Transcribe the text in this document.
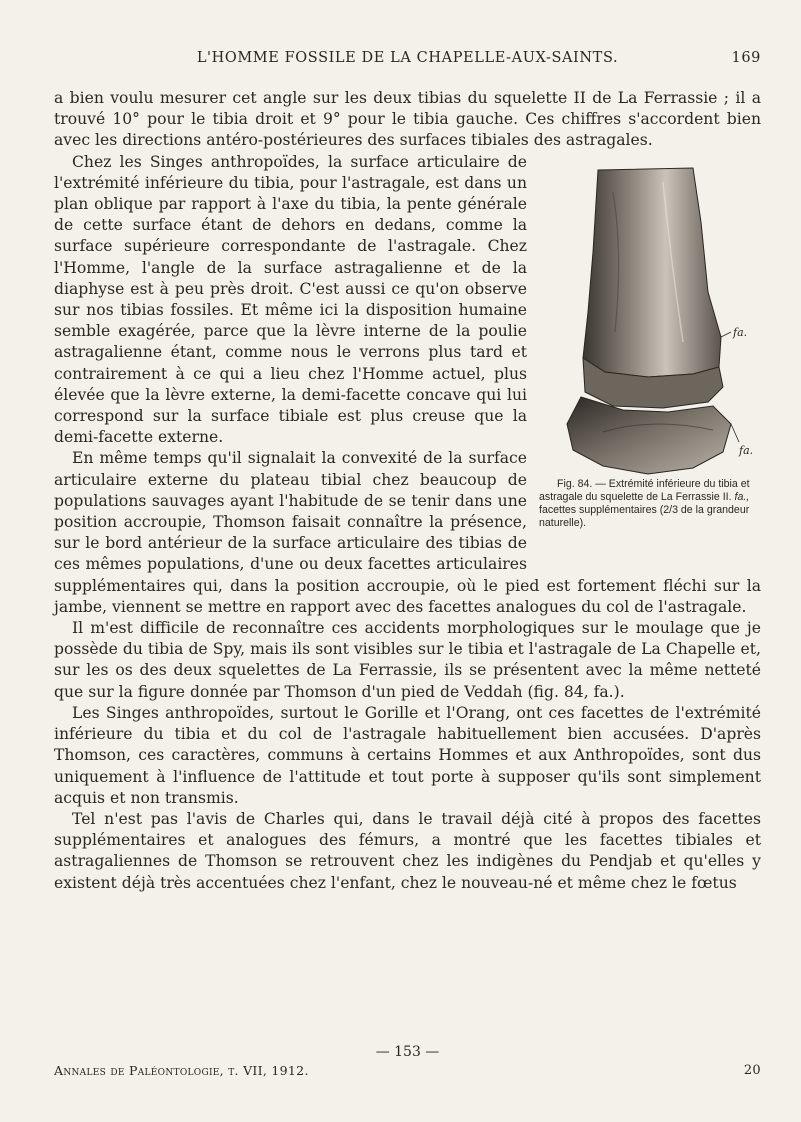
L'HOMME FOSSILE DE LA CHAPELLE-AUX-SAINTS.	169

a bien voulu mesurer cet angle sur les deux tibias du squelette II de La Ferrassie ; il a trouvé 10° pour le tibia droit et 9° pour le tibia gauche. Ces chiffres s'accordent bien avec les directions antéro-postérieures des surfaces tibiales des astragales.

fa.
fa.
Fig. 84. — Extrémité inférieure du tibia et astragale du squelette de La Ferrassie II. fa., facettes supplémentaires (2/3 de la grandeur naturelle).
Chez les Singes anthropoïdes, la surface articulaire de l'extrémité inférieure du tibia, pour l'astragale, est dans un plan oblique par rapport à l'axe du tibia, la pente générale de cette surface étant de dehors en dedans, comme la surface supérieure correspondante de l'astragale. Chez l'Homme, l'angle de la surface astragalienne et de la diaphyse est à peu près droit. C'est aussi ce qu'on observe sur nos tibias fossiles. Et même ici la disposition humaine semble exagérée, parce que la lèvre interne de la poulie astragalienne étant, comme nous le verrons plus tard et contrairement à ce qui a lieu chez l'Homme actuel, plus élevée que la lèvre externe, la demi-facette concave qui lui correspond sur la surface tibiale est plus creuse que la demi-facette externe.

En même temps qu'il signalait la convexité de la surface articulaire externe du plateau tibial chez beaucoup de populations sauvages ayant l'habitude de se tenir dans une position accroupie, Thomson faisait connaître la présence, sur le bord antérieur de la surface articulaire des tibias de ces mêmes populations, d'une ou deux facettes articulaires supplémentaires qui, dans la position accroupie, où le pied est fortement fléchi sur la jambe, viennent se mettre en rapport avec des facettes analogues du col de l'astragale.

Il m'est difficile de reconnaître ces accidents morphologiques sur le moulage que je possède du tibia de Spy, mais ils sont visibles sur le tibia et l'astragale de La Chapelle et, sur les os des deux squelettes de La Ferrassie, ils se présentent avec la même netteté que sur la figure donnée par Thomson d'un pied de Veddah (fig. 84, fa.).

Les Singes anthropoïdes, surtout le Gorille et l'Orang, ont ces facettes de l'extrémité inférieure du tibia et du col de l'astragale habituellement bien accusées. D'après Thomson, ces caractères, communs à certains Hommes et aux Anthropoïdes, sont dus uniquement à l'influence de l'attitude et tout porte à supposer qu'ils sont simplement acquis et non transmis.

Tel n'est pas l'avis de Charles qui, dans le travail déjà cité à propos des facettes supplémentaires et analogues des fémurs, a montré que les facettes tibiales et astragaliennes de Thomson se retrouvent chez les indigènes du Pendjab et qu'elles y existent déjà très accentuées chez l'enfant, chez le nouveau-né et même chez le fœtus

— 153 —
Annales de Paléontologie, t. VII, 1912.	20
